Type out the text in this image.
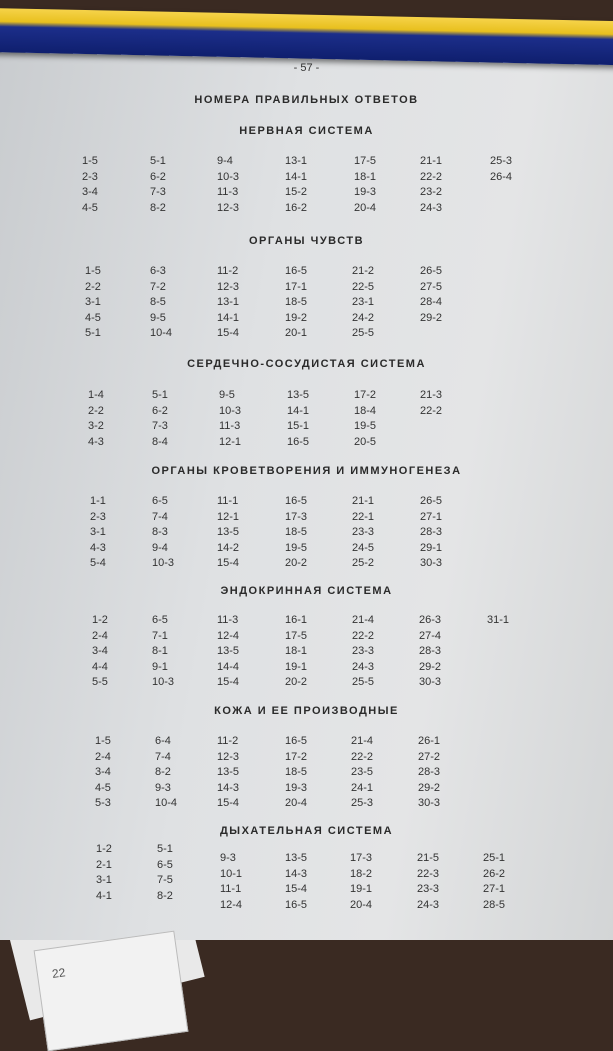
22
- 57 -
НОМЕРА ПРАВИЛЬНЫХ ОТВЕТОВ
НЕРВНАЯ СИСТЕМА
1-5
2-3
3-4
4-5
5-1
6-2
7-3
8-2
9-4
10-3
11-3
12-3
13-1
14-1
15-2
16-2
17-5
18-1
19-3
20-4
21-1
22-2
23-2
24-3
25-3
26-4
ОРГАНЫ ЧУВСТВ
1-5
2-2
3-1
4-5
5-1
6-3
7-2
8-5
9-5
10-4
11-2
12-3
13-1
14-1
15-4
16-5
17-1
18-5
19-2
20-1
21-2
22-5
23-1
24-2
25-5
26-5
27-5
28-4
29-2
СЕРДЕЧНО-СОСУДИСТАЯ СИСТЕМА
1-4
2-2
3-2
4-3
5-1
6-2
7-3
8-4
9-5
10-3
11-3
12-1
13-5
14-1
15-1
16-5
17-2
18-4
19-5
20-5
21-3
22-2
ОРГАНЫ КРОВЕТВОРЕНИЯ И ИММУНОГЕНЕЗА
1-1
2-3
3-1
4-3
5-4
6-5
7-4
8-3
9-4
10-3
11-1
12-1
13-5
14-2
15-4
16-5
17-3
18-5
19-5
20-2
21-1
22-1
23-3
24-5
25-2
26-5
27-1
28-3
29-1
30-3
ЭНДОКРИННАЯ СИСТЕМА
1-2
2-4
3-4
4-4
5-5
6-5
7-1
8-1
9-1
10-3
11-3
12-4
13-5
14-4
15-4
16-1
17-5
18-1
19-1
20-2
21-4
22-2
23-3
24-3
25-5
26-3
27-4
28-3
29-2
30-3
31-1
КОЖА И ЕЕ ПРОИЗВОДНЫЕ
1-5
2-4
3-4
4-5
5-3
6-4
7-4
8-2
9-3
10-4
11-2
12-3
13-5
14-3
15-4
16-5
17-2
18-5
19-3
20-4
21-4
22-2
23-5
24-1
25-3
26-1
27-2
28-3
29-2
30-3
ДЫХАТЕЛЬНАЯ СИСТЕМА
1-2
2-1
3-1
4-1
5-1
6-5
7-5
8-2
9-3
10-1
11-1
12-4
13-5
14-3
15-4
16-5
17-3
18-2
19-1
20-4
21-5
22-3
23-3
24-3
25-1
26-2
27-1
28-5
